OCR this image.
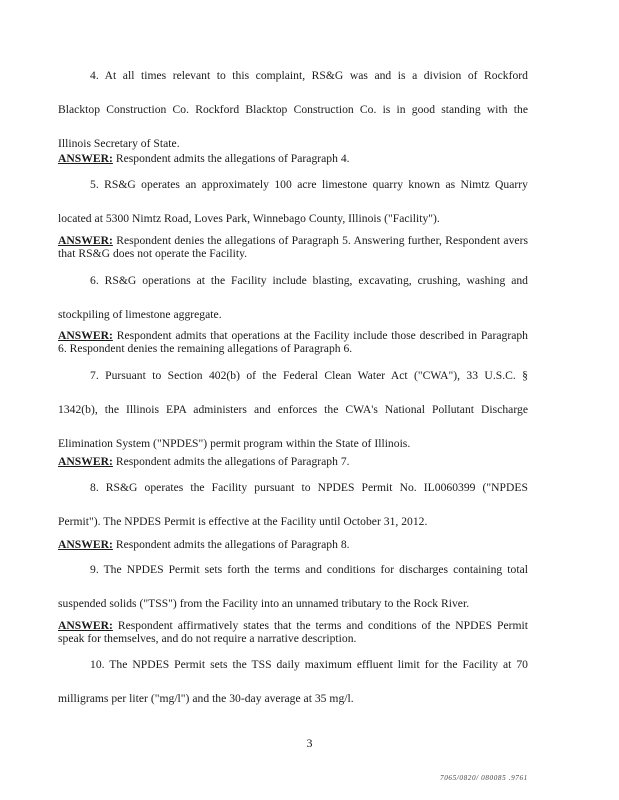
4. At all times relevant to this complaint, RS&G was and is a division of Rockford
Blacktop Construction Co. Rockford Blacktop Construction Co. is in good standing with the
Illinois Secretary of State.

ANSWER: Respondent admits the allegations of Paragraph 4.

5. RS&G operates an approximately 100 acre limestone quarry known as Nimtz Quarry
located at 5300 Nimtz Road, Loves Park, Winnebago County, Illinois ("Facility").

ANSWER: Respondent denies the allegations of Paragraph 5. Answering further, Respondent avers that RS&G does not operate the Facility.

6. RS&G operations at the Facility include blasting, excavating, crushing, washing and
stockpiling of limestone aggregate.

ANSWER: Respondent admits that operations at the Facility include those described in Paragraph 6. Respondent denies the remaining allegations of Paragraph 6.

7. Pursuant to Section 402(b) of the Federal Clean Water Act ("CWA"), 33 U.S.C. §
1342(b), the Illinois EPA administers and enforces the CWA's National Pollutant Discharge
Elimination System ("NPDES") permit program within the State of Illinois.

ANSWER: Respondent admits the allegations of Paragraph 7.

8. RS&G operates the Facility pursuant to NPDES Permit No. IL0060399 ("NPDES
Permit"). The NPDES Permit is effective at the Facility until October 31, 2012.

ANSWER: Respondent admits the allegations of Paragraph 8.

9. The NPDES Permit sets forth the terms and conditions for discharges containing total
suspended solids ("TSS") from the Facility into an unnamed tributary to the Rock River.

ANSWER: Respondent affirmatively states that the terms and conditions of the NPDES Permit speak for themselves, and do not require a narrative description.

10. The NPDES Permit sets the TSS daily maximum effluent limit for the Facility at 70
milligrams per liter ("mg/l") and the 30-day average at 35 mg/l.
3
7065/0820/ 080085 .9761
